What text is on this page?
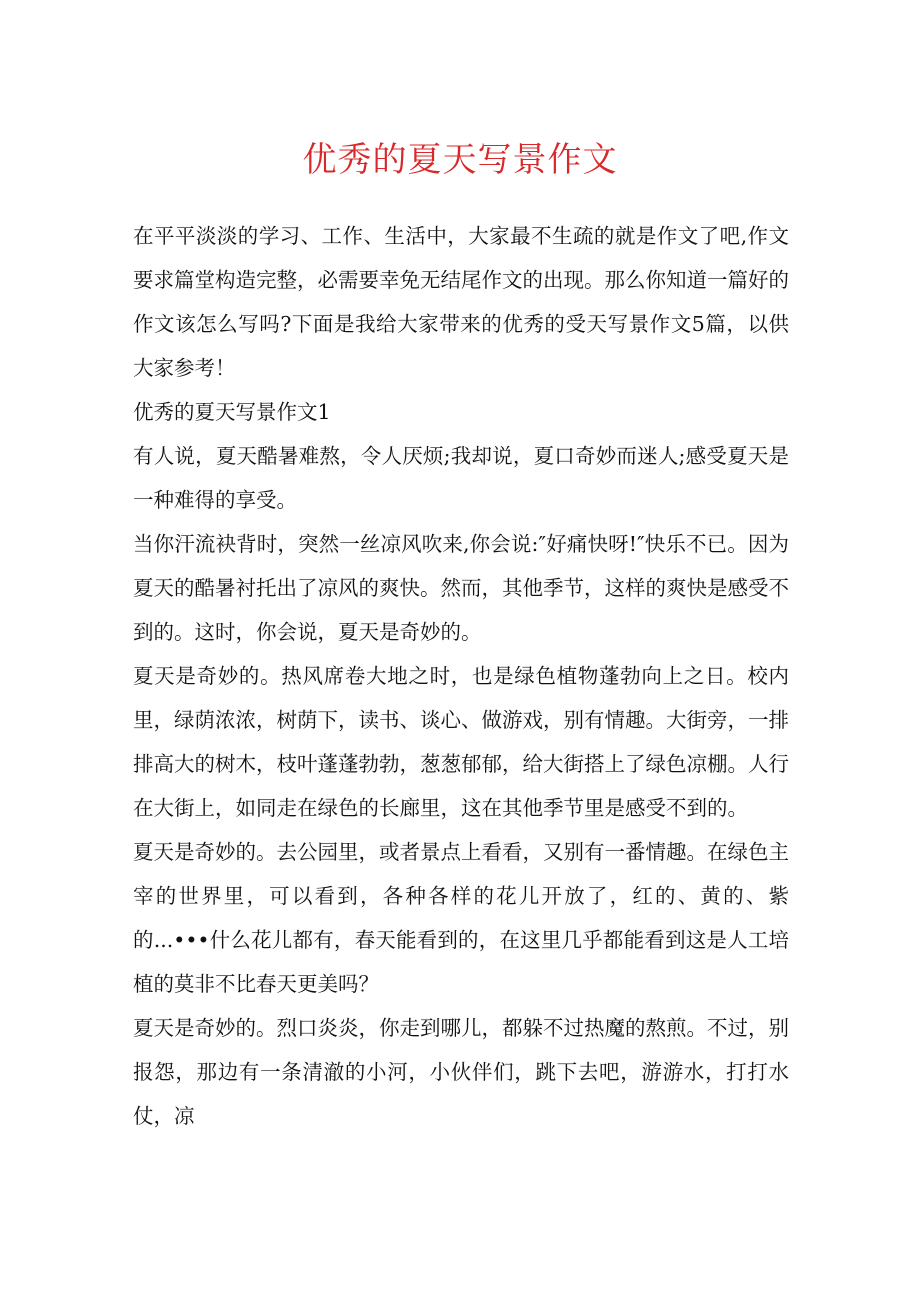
优秀的夏天写景作文

在平平淡淡的学习、工作、生活中，大家最不生疏的就是作文了吧,作文要求篇堂构造完整，必需要幸免无结尾作文的出现。那么你知道一篇好的作文该怎么写吗?下面是我给大家带来的优秀的受天写景作文5篇，以供大家参考！

优秀的夏天写景作文1

有人说，夏天酷暑难熬，令人厌烦;我却说，夏口奇妙而迷人;感受夏天是一种难得的享受。

当你汗流袂背时，突然一丝凉风吹来,你会说:″好痛快呀!″快乐不已。因为夏天的酷暑衬托出了凉风的爽快。然而，其他季节，这样的爽快是感受不到的。这时，你会说，夏天是奇妙的。

夏天是奇妙的。热风席卷大地之时，也是绿色植物蓬勃向上之日。校内里，绿荫浓浓，树荫下，读书、谈心、做游戏，别有情趣。大街旁，一排排高大的树木，枝叶蓬蓬勃勃，葱葱郁郁，给大街搭上了绿色凉棚。人行在大街上，如同走在绿色的长廊里，这在其他季节里是感受不到的。

夏天是奇妙的。去公园里，或者景点上看看，又别有一番情趣。在绿色主宰的世界里，可以看到，各种各样的花儿开放了，红的、黄的、紫的...•••什么花儿都有，春天能看到的，在这里几乎都能看到这是人工培植的莫非不比春天更美吗？

夏天是奇妙的。烈口炎炎，你走到哪儿，都躲不过热魔的熬煎。不过，别报怨，那边有一条清澈的小河，小伙伴们，跳下去吧，游游水，打打水仗，凉
